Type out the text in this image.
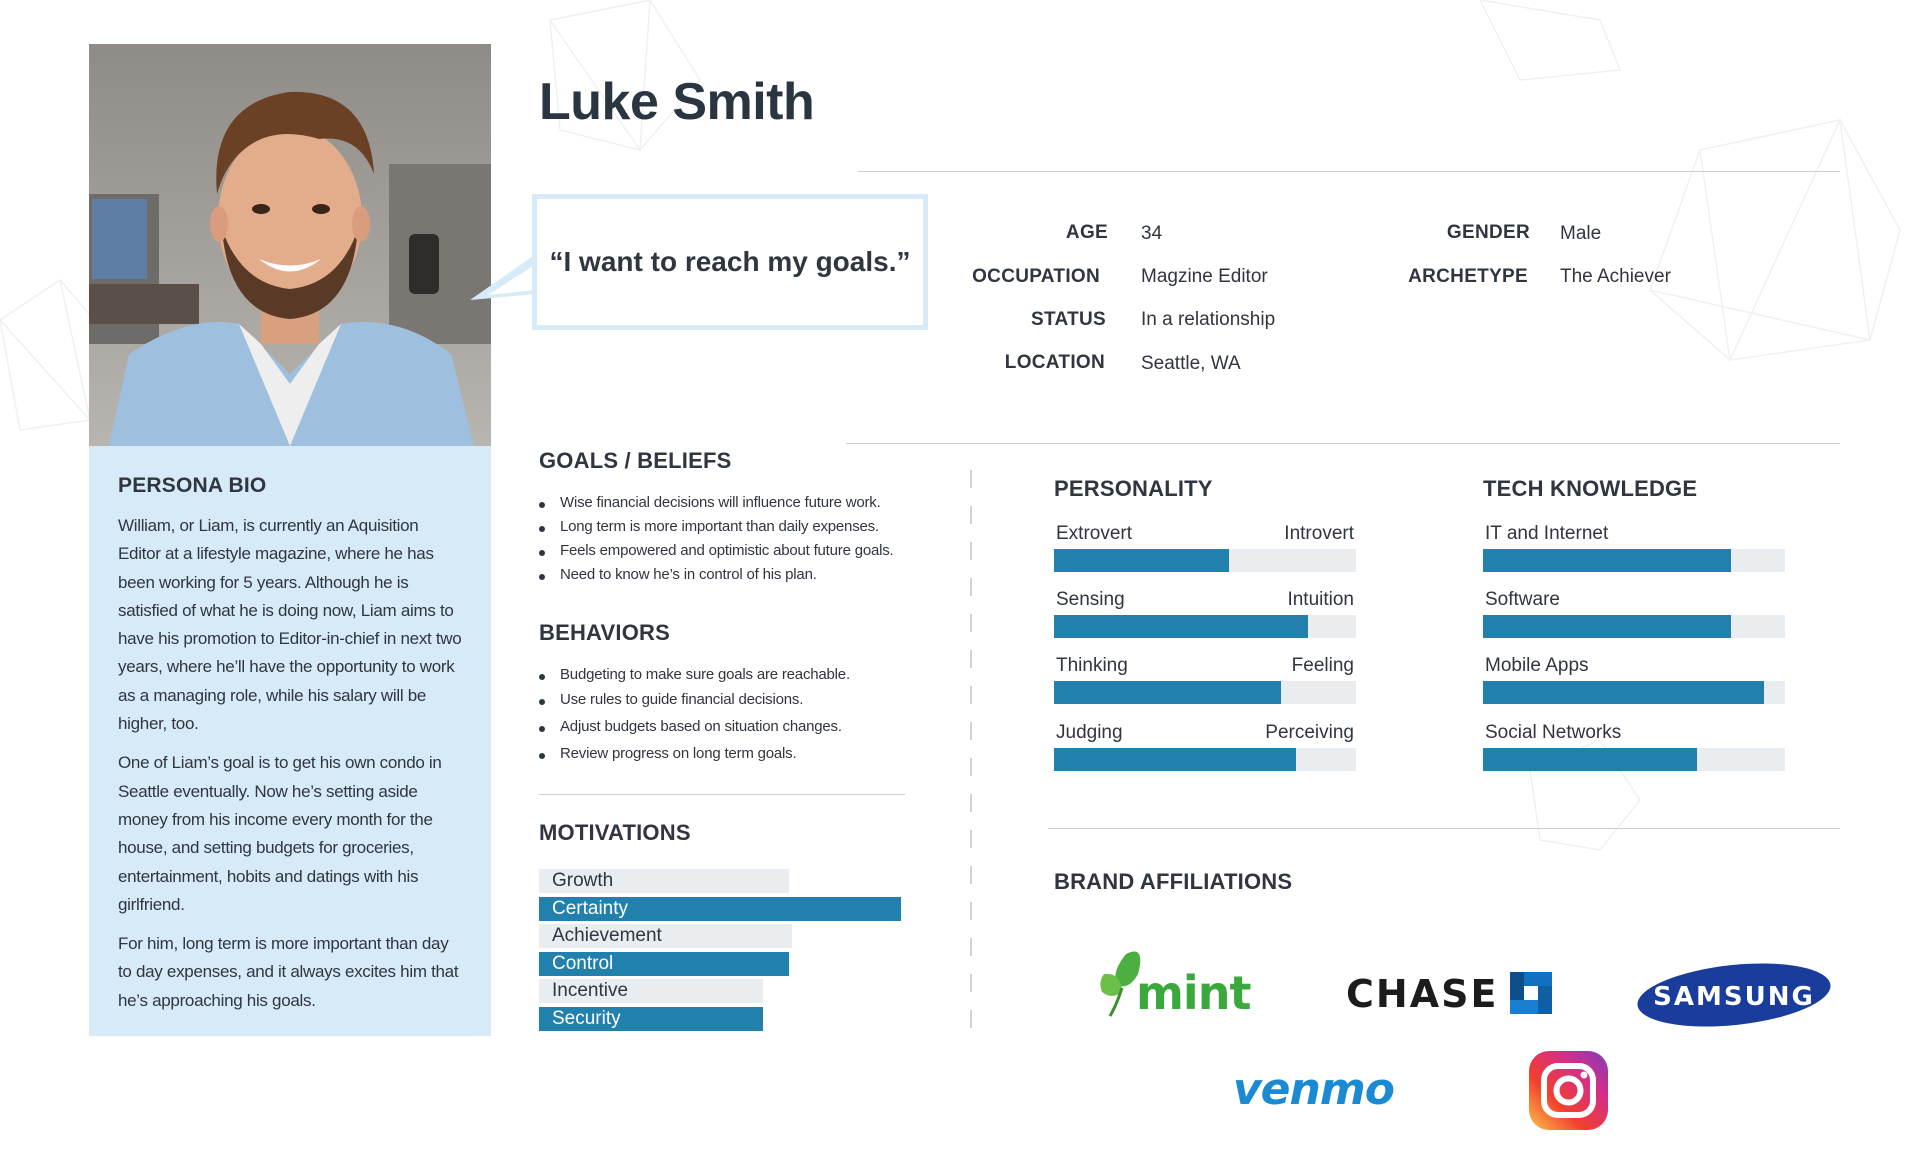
PERSONA BIO

William, or Liam, is currently an Aquisition Editor at a lifestyle magazine, where he has been working for 5 years. Although he is satisfied of what he is doing now, Liam aims to have his promotion to Editor-in-chief in next two years, where he’ll have the opportunity to work as a managing role, while his salary will be higher, too.

One of Liam’s goal is to get his own condo in Seattle eventually. Now he’s setting aside money from his income every month for the house, and setting budgets for groceries, entertainment, hobits and datings with his girlfriend.

For him, long term is more important than day to day expenses, and it always excites him that he’s approaching his goals.

Luke Smith
“I want to reach my goals.”
AGE 34
OCCUPATION Magzine Editor
STATUS In a relationship
LOCATION Seattle, WA
GENDER Male
ARCHETYPE The Achiever
GOALS / BELIEFS
Wise financial decisions will influence future work.
Long term is more important than daily expenses.
Feels empowered and optimistic about future goals.
Need to know he’s in control of his plan.
BEHAVIORS
Budgeting to make sure goals are reachable.
Use rules to guide financial decisions.
Adjust budgets based on situation changes.
Review progress on long term goals.
MOTIVATIONS
Growth
Certainty
Achievement
Control
Incentive
Security
PERSONALITY
Extrovert	Introvert
Sensing	Intuition
Thinking	Feeling
Judging	Perceiving
TECH KNOWLEDGE
IT and Internet
Software
Mobile Apps
Social Networks
BRAND AFFILIATIONS
mint	CHASE	SAMSUNG
venmo
